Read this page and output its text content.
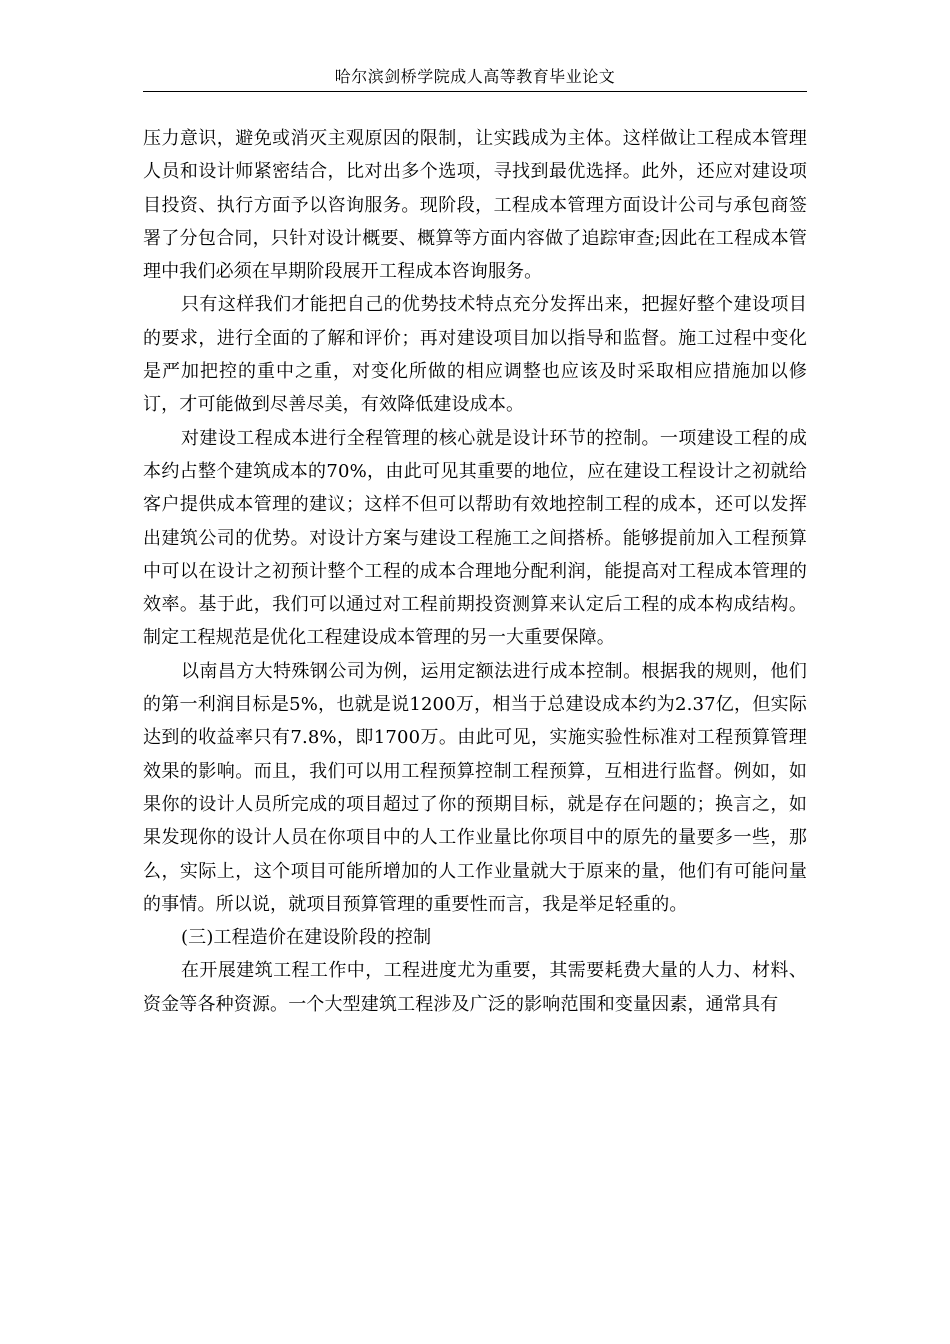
哈尔滨剑桥学院成人高等教育毕业论文

压力意识，避免或消灭主观原因的限制，让实践成为主体。这样做让工程成本管理人员和设计师紧密结合，比对出多个选项，寻找到最优选择。此外，还应对建设项目投资、执行方面予以咨询服务。现阶段，工程成本管理方面设计公司与承包商签署了分包合同，只针对设计概要、概算等方面内容做了追踪审查;因此在工程成本管理中我们必须在早期阶段展开工程成本咨询服务。

只有这样我们才能把自己的优势技术特点充分发挥出来，把握好整个建设项目的要求，进行全面的了解和评价；再对建设项目加以指导和监督。施工过程中变化是严加把控的重中之重，对变化所做的相应调整也应该及时采取相应措施加以修订，才可能做到尽善尽美，有效降低建设成本。

对建设工程成本进行全程管理的核心就是设计环节的控制。一项建设工程的成本约占整个建筑成本的70%，由此可见其重要的地位，应在建设工程设计之初就给客户提供成本管理的建议；这样不但可以帮助有效地控制工程的成本，还可以发挥出建筑公司的优势。对设计方案与建设工程施工之间搭桥。能够提前加入工程预算中可以在设计之初预计整个工程的成本合理地分配利润，能提高对工程成本管理的效率。基于此，我们可以通过对工程前期投资测算来认定后工程的成本构成结构。制定工程规范是优化工程建设成本管理的另一大重要保障。

以南昌方大特殊钢公司为例，运用定额法进行成本控制。根据我的规则，他们的第一利润目标是5%，也就是说1200万，相当于总建设成本约为2.37亿，但实际达到的收益率只有7.8%，即1700万。由此可见，实施实验性标准对工程预算管理效果的影响。而且，我们可以用工程预算控制工程预算，互相进行监督。例如，如果你的设计人员所完成的项目超过了你的预期目标，就是存在问题的；换言之，如果发现你的设计人员在你项目中的人工作业量比你项目中的原先的量要多一些，那么，实际上，这个项目可能所增加的人工作业量就大于原来的量，他们有可能问量的事情。所以说，就项目预算管理的重要性而言，我是举足轻重的。

(三)工程造价在建设阶段的控制

在开展建筑工程工作中，工程进度尤为重要，其需要耗费大量的人力、材料、资金等各种资源。一个大型建筑工程涉及广泛的影响范围和变量因素，通常具有
